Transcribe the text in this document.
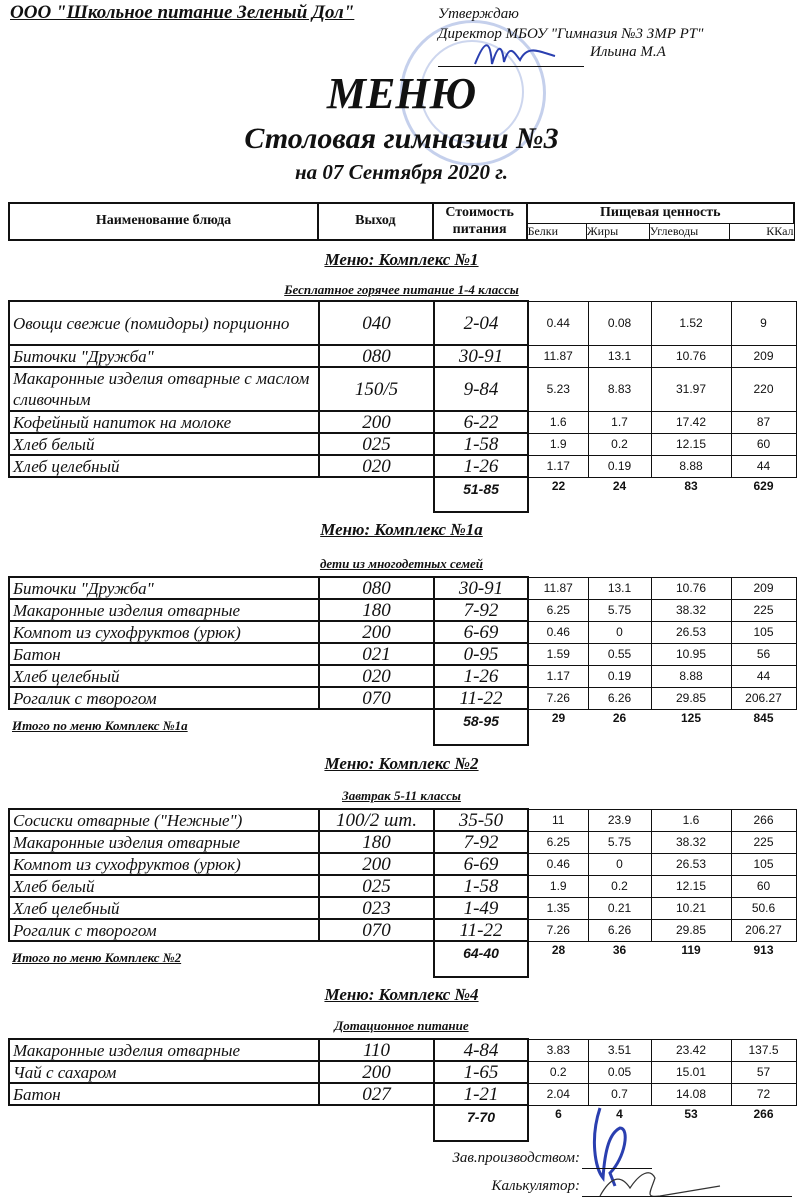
ООО "Школьное питание Зеленый Дол"	Утверждаю
Директор МБОУ "Гимназия №3 ЗМР РТ"
Ильина М.А
МЕНЮ
Столовая гимназии №3
на 07 Сентября 2020 г.
Наименование блюда	Выход	Стоимость питания	Пищевая ценность			
			Белки	Жиры	Углеводы	ККал
Меню: Комплекс №1
Бесплатное горячее питание 1-4 классы
Овощи свежие (помидоры) порционно	040	2-04	0.44	0.08	1.52	9
Биточки "Дружба"	080	30-91	11.87	13.1	10.76	209
Макаронные изделия отварные с маслом сливочным	150/5	9-84	5.23	8.83	31.97	220
Кофейный напиток на молоке	200	6-22	1.6	1.7	17.42	87
Хлеб белый	025	1-58	1.9	0.2	12.15	60
Хлеб целебный	020	1-26	1.17	0.19	8.88	44
		51-85	22	24	83	629
Меню: Комплекс №1а
дети из многодетных семей
Биточки "Дружба"	080	30-91	11.87	13.1	10.76	209
Макаронные изделия отварные	180	7-92	6.25	5.75	38.32	225
Компот из сухофруктов (урюк)	200	6-69	0.46	0	26.53	105
Батон	021	0-95	1.59	0.55	10.95	56
Хлеб целебный	020	1-26	1.17	0.19	8.88	44
Рогалик с творогом	070	11-22	7.26	6.26	29.85	206.27
Итого по меню Комплекс №1а		58-95	29	26	125	845
Меню: Комплекс №2
Завтрак 5-11 классы
Сосиски отварные ("Нежные")	100/2 шт.	35-50	11	23.9	1.6	266
Макаронные изделия отварные	180	7-92	6.25	5.75	38.32	225
Компот из сухофруктов (урюк)	200	6-69	0.46	0	26.53	105
Хлеб белый	025	1-58	1.9	0.2	12.15	60
Хлеб целебный	023	1-49	1.35	0.21	10.21	50.6
Рогалик с творогом	070	11-22	7.26	6.26	29.85	206.27
Итого по меню Комплекс №2		64-40	28	36	119	913
Меню: Комплекс №4
Дотационное питание
Макаронные изделия отварные	110	4-84	3.83	3.51	23.42	137.5
Чай с сахаром	200	1-65	0.2	0.05	15.01	57
Батон	027	1-21	2.04	0.7	14.08	72
		7-70	6	4	53	266
Зав.производством:
Калькулятор:
